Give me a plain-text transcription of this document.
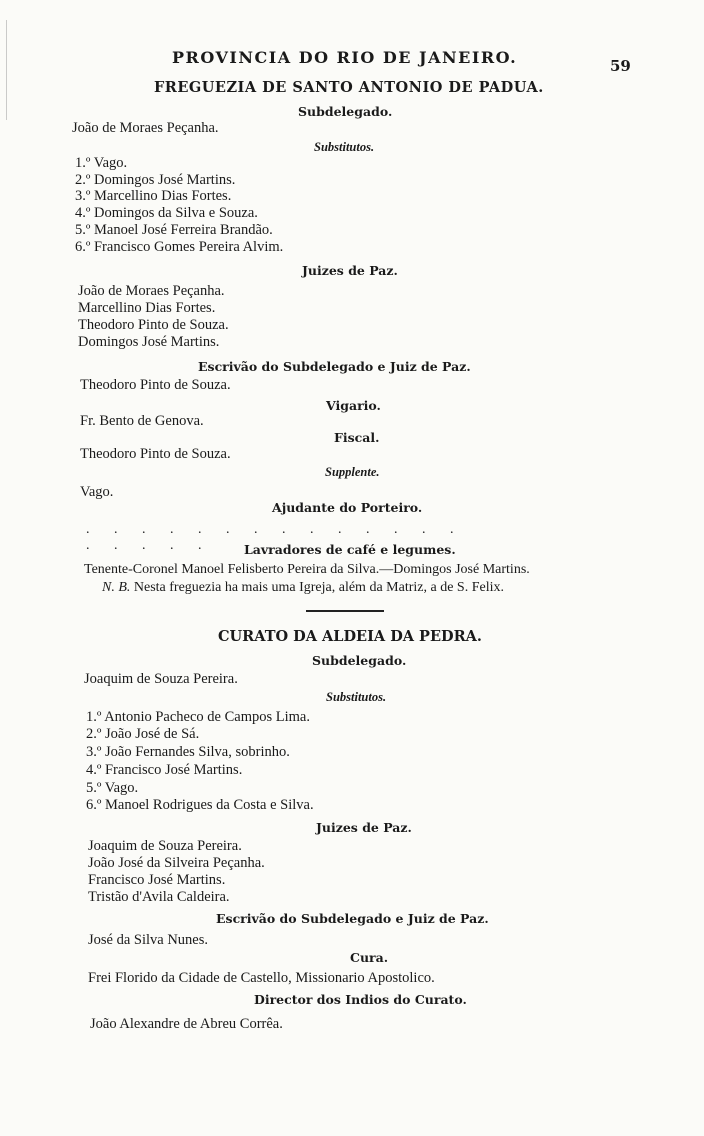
PROVINCIA DO RIO DE JANEIRO.	59
FREGUEZIA DE SANTO ANTONIO DE PADUA.
Subdelegado.
João de Moraes Peçanha.
Substitutos.
1.º Vago.
2.º Domingos José Martins.
3.º Marcellino Dias Fortes.
4.º Domingos da Silva e Souza.
5.º Manoel José Ferreira Brandão.
6.º Francisco Gomes Pereira Alvim.
Juizes de Paz.
João de Moraes Peçanha.
Marcellino Dias Fortes.
Theodoro Pinto de Souza.
Domingos José Martins.
Escrivão do Subdelegado e Juiz de Paz.
Theodoro Pinto de Souza.
Vigario.
Fr. Bento de Genova.
Fiscal.
Theodoro Pinto de Souza.
Supplente.
Vago.
Ajudante do Porteiro.
. . . . . . . . . . . . . . . . . . .	Lavradores de café e legumes.
Tenente-Coronel Manoel Felisberto Pereira da Silva.—Domingos José Martins.
N. B. Nesta freguezia ha mais uma Igreja, além da Matriz, a de S. Felix.
CURATO DA ALDEIA DA PEDRA.
Subdelegado.
Joaquim de Souza Pereira.
Substitutos.
1.º Antonio Pacheco de Campos Lima.
2.º João José de Sá.
3.º João Fernandes Silva, sobrinho.
4.º Francisco José Martins.
5.º Vago.
6.º Manoel Rodrigues da Costa e Silva.
Juizes de Paz.
Joaquim de Souza Pereira.
João José da Silveira Peçanha.
Francisco José Martins.
Tristão d'Avila Caldeira.
Escrivão do Subdelegado e Juiz de Paz.
José da Silva Nunes.
Cura.
Frei Florido da Cidade de Castello, Missionario Apostolico.
Director dos Indios do Curato.
João Alexandre de Abreu Corrêa.
